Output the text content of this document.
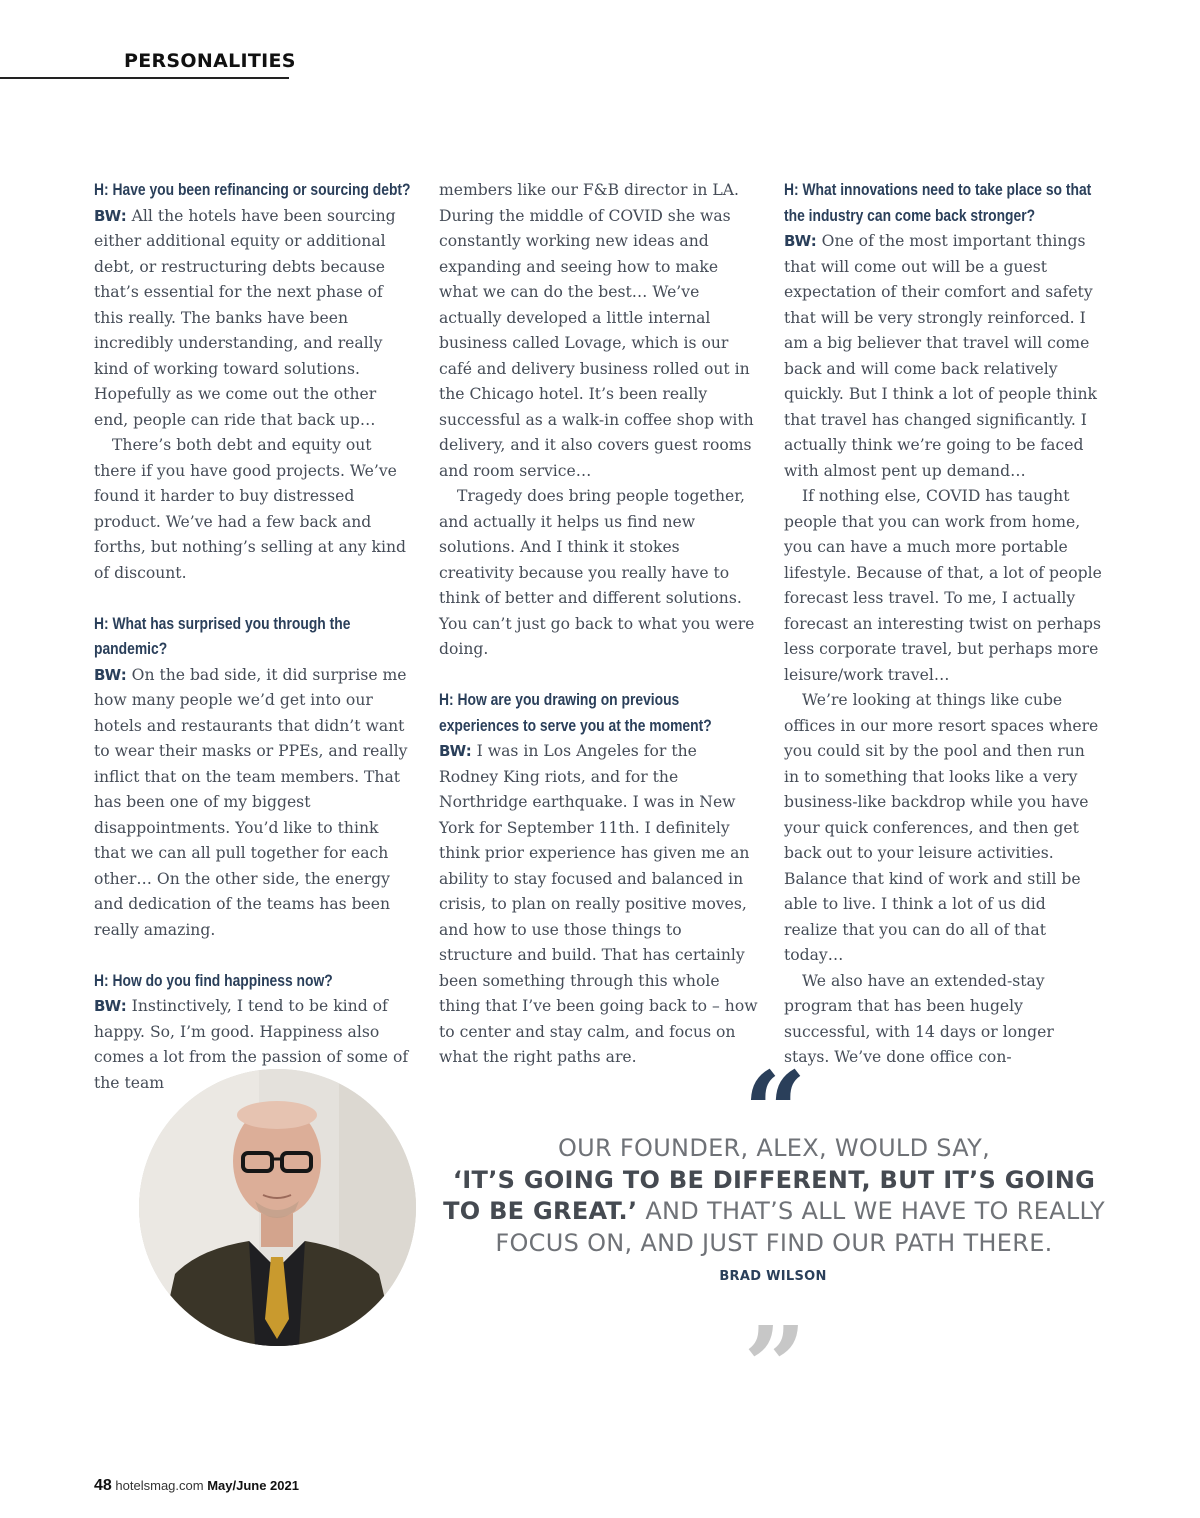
PERSONALITIES

H: Have you been refinancing or sourcing debt?

BW: All the hotels have been sourcing either additional equity or additional debt, or restructuring debts because that’s essential for the next phase of this really. The banks have been incredibly understanding, and really kind of working toward solutions. Hopefully as we come out the other end, people can ride that back up…

There’s both debt and equity out there if you have good projects. We’ve found it harder to buy distressed product. We’ve had a few back and forths, but nothing’s selling at any kind of discount.

H: What has surprised you through the pandemic?

BW: On the bad side, it did surprise me how many people we’d get into our hotels and restaurants that didn’t want to wear their masks or PPEs, and really inflict that on the team members. That has been one of my biggest disappointments. You’d like to think that we can all pull together for each other… On the other side, the energy and dedication of the teams has been really amazing.

H: How do you find happiness now?

BW: Instinctively, I tend to be kind of happy. So, I’m good. Happiness also comes a lot from the passion of some of the team

members like our F&B director in LA. During the middle of COVID she was constantly working new ideas and expanding and seeing how to make what we can do the best… We’ve actually developed a little internal business called Lovage, which is our café and delivery business rolled out in the Chicago hotel. It’s been really successful as a walk-in coffee shop with delivery, and it also covers guest rooms and room service…

Tragedy does bring people together, and actually it helps us find new solutions. And I think it stokes creativity because you really have to think of better and different solutions. You can’t just go back to what you were doing.

H: How are you drawing on previous experiences to serve you at the moment?

BW: I was in Los Angeles for the Rodney King riots, and for the Northridge earthquake. I was in New York for September 11th. I definitely think prior experience has given me an ability to stay focused and balanced in crisis, to plan on really positive moves, and how to use those things to structure and build. That has certainly been something through this whole thing that I’ve been going back to – how to center and stay calm, and focus on what the right paths are.

H: What innovations need to take place so that the industry can come back stronger?

BW: One of the most important things that will come out will be a guest expectation of their comfort and safety that will be very strongly reinforced. I am a big believer that travel will come back and will come back relatively quickly. But I think a lot of people think that travel has changed significantly. I actually think we’re going to be faced with almost pent up demand…

If nothing else, COVID has taught people that you can work from home, you can have a much more portable lifestyle. Because of that, a lot of people forecast less travel. To me, I actually forecast an interesting twist on perhaps less corporate travel, but perhaps more leisure/work travel…

We’re looking at things like cube offices in our more resort spaces where you could sit by the pool and then run in to something that looks like a very business-like backdrop while you have your quick conferences, and then get back out to your leisure activities. Balance that kind of work and still be able to live. I think a lot of us did realize that you can do all of that today…

We also have an extended-stay program that has been hugely successful, with 14 days or longer stays. We’ve done office con-

“
OUR FOUNDER, ALEX, WOULD SAY,
‘IT’S GOING TO BE DIFFERENT, BUT IT’S GOING TO BE GREAT.’ AND THAT’S ALL WE HAVE TO REALLY FOCUS ON, AND JUST FIND OUR PATH THERE.
BRAD WILSON
”
48 hotelsmag.com May/June 2021
